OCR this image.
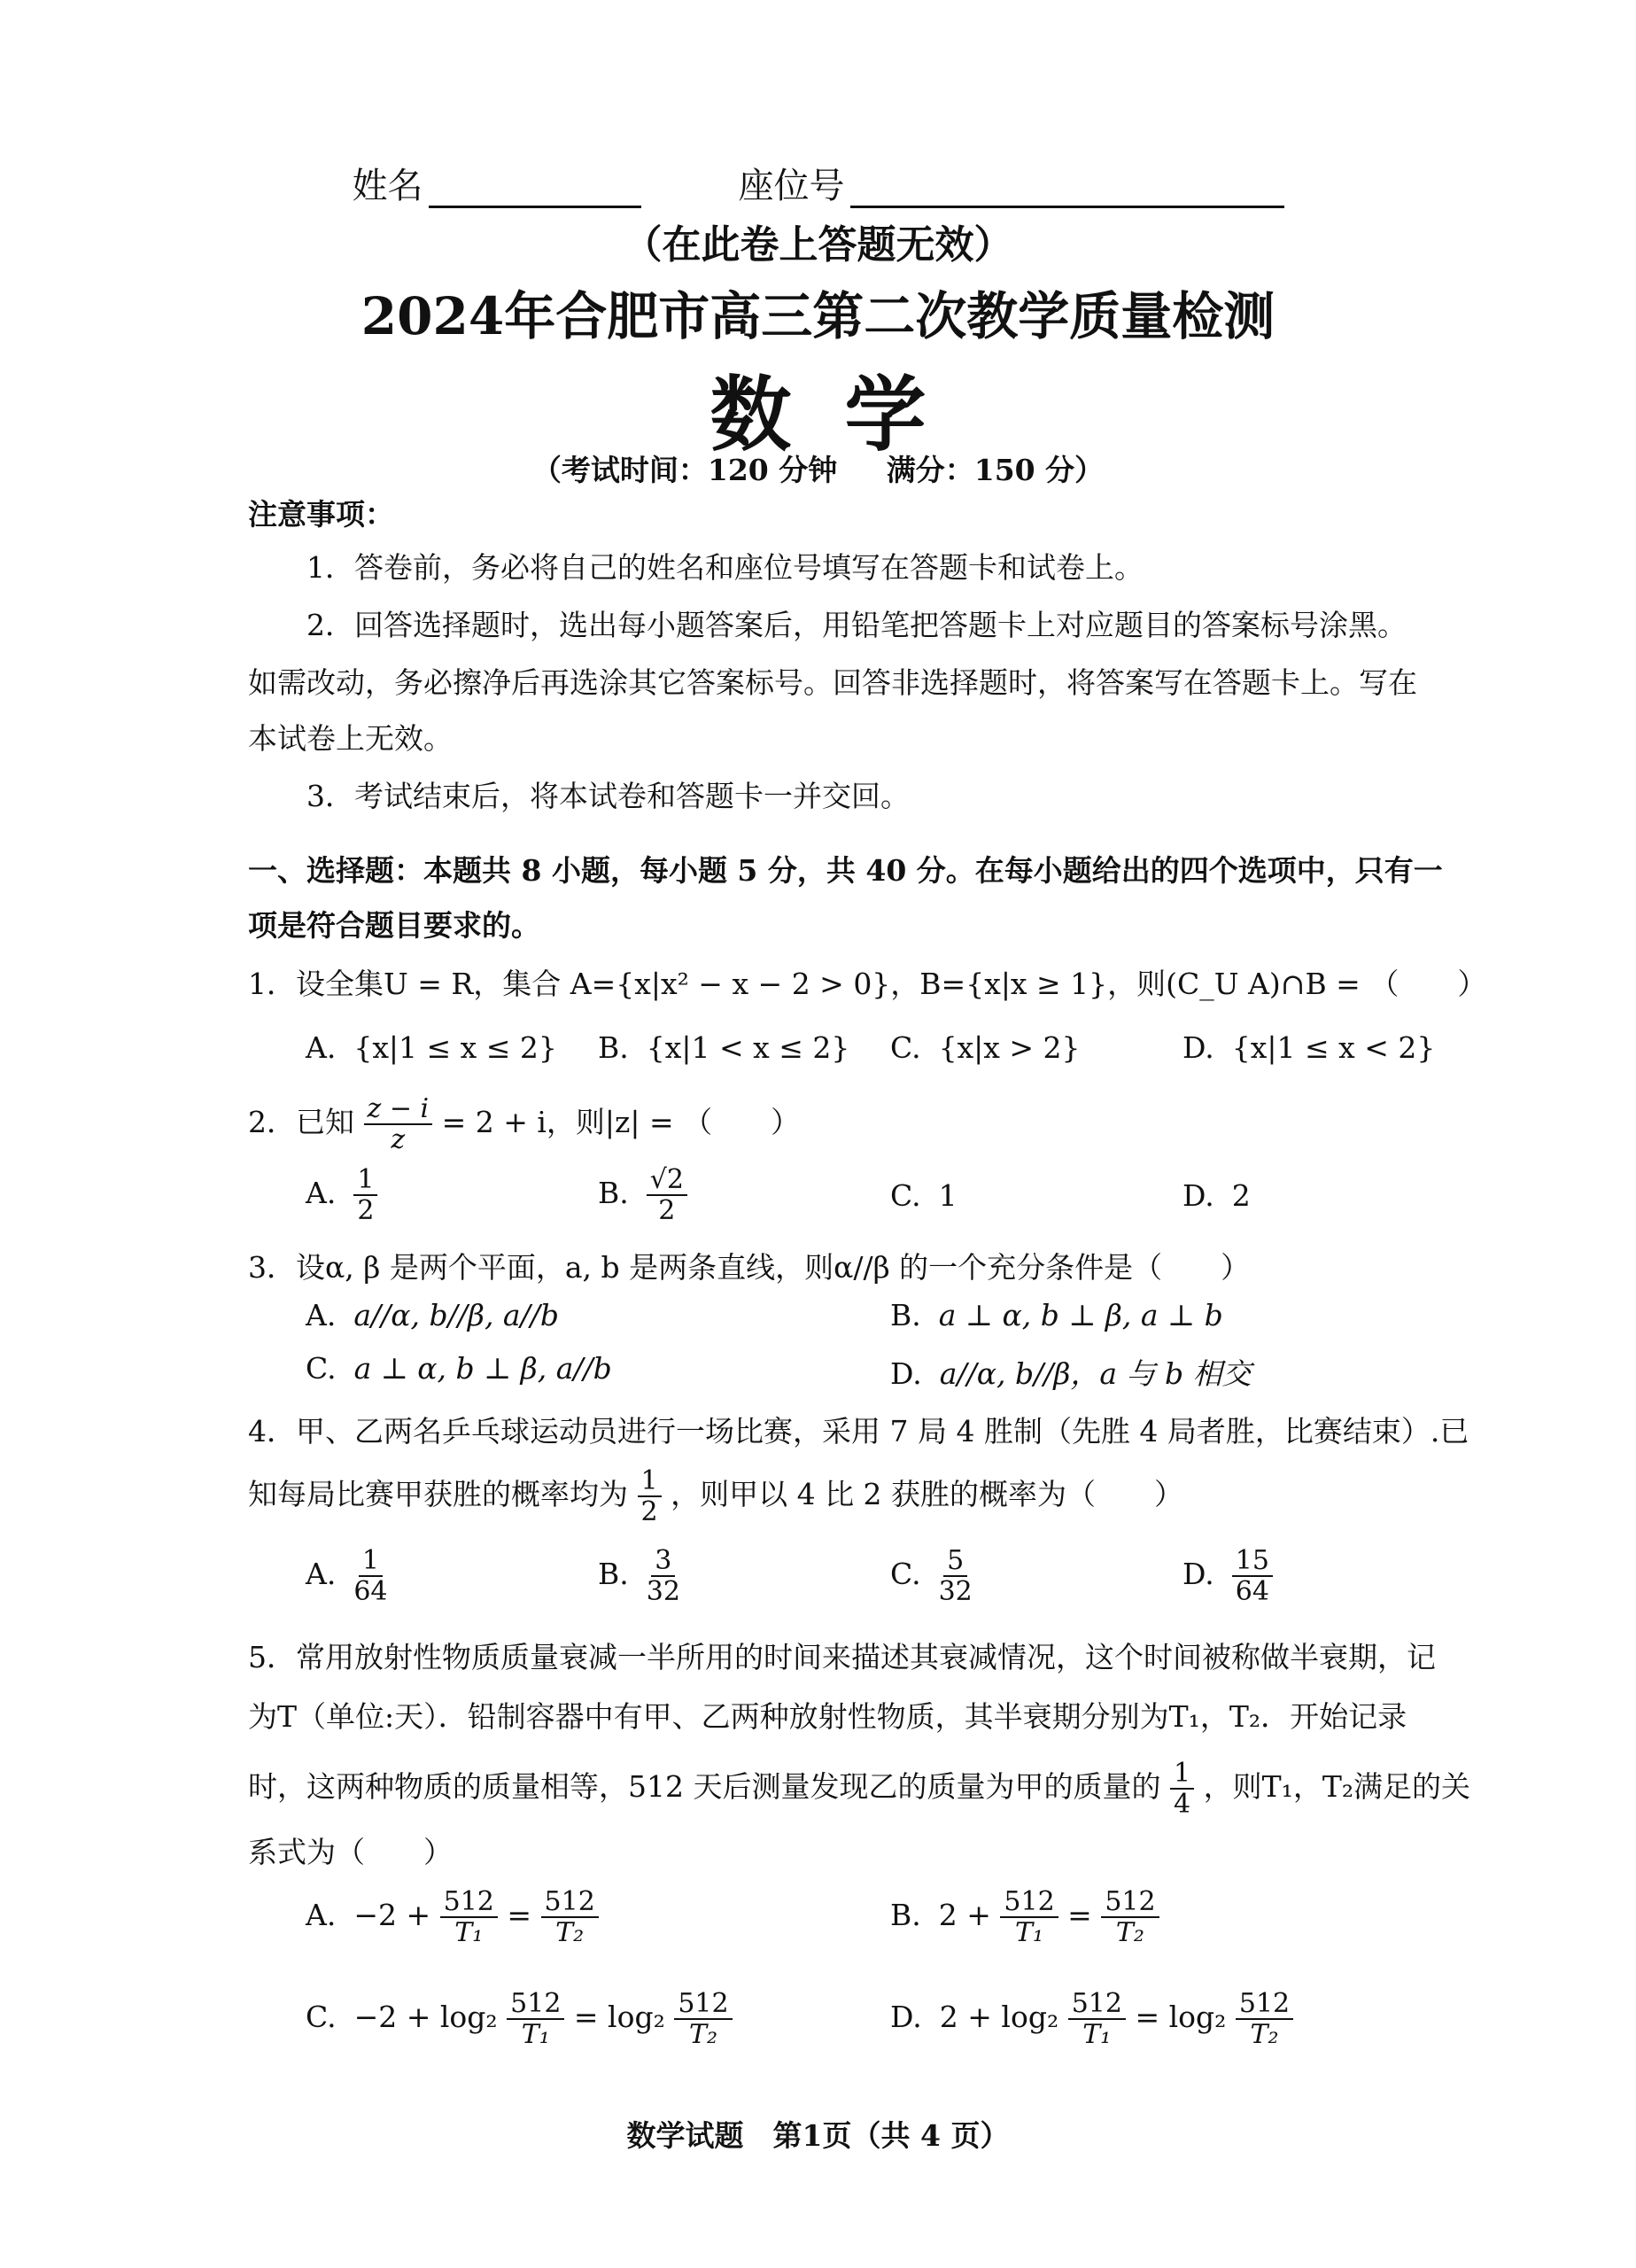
姓名	座位号
（在此卷上答题无效）
2024年合肥市高三第二次教学质量检测
数学
（考试时间：120 分钟 满分：150 分）
注意事项：
1．答卷前，务必将自己的姓名和座位号填写在答题卡和试卷上。
2．回答选择题时，选出每小题答案后，用铅笔把答题卡上对应题目的答案标号涂黑。
如需改动，务必擦净后再选涂其它答案标号。回答非选择题时，将答案写在答题卡上。写在
本试卷上无效。
3．考试结束后，将本试卷和答题卡一并交回。
一、选择题：本题共 8 小题，每小题 5 分，共 40 分。在每小题给出的四个选项中，只有一
项是符合题目要求的。
1．设全集U = R，集合 A={x|x² − x − 2 > 0}，B={x|x ≥ 1}，则(C_U A)∩B = （　　）
A. {x|1 ≤ x ≤ 2}	B. {x|1 < x ≤ 2}	C. {x|x > 2}	D. {x|1 ≤ x < 2}
2．已知 $\frac{z - i}{z} = 2 + i$，则|z| = （　　）
A. $\frac{1}{2}$	B. $\frac{√2}{2}$	C. 1	D. 2
3．设α, β 是两个平面，a, b 是两条直线，则α//β 的一个充分条件是（　　）
A. a//α, b//β, a//b	B. a ⊥ α, b ⊥ β, a ⊥ b
C. a ⊥ α, b ⊥ β, a//b	D. a//α, b//β，a 与 b 相交
4．甲、乙两名乒乓球运动员进行一场比赛，采用 7 局 4 胜制（先胜 4 局者胜，比赛结束）.已
知每局比赛甲获胜的概率均为 $\frac{1}{2}$ ，则甲以 4 比 2 获胜的概率为（　　）
A. $\frac{1}{64}$	B. $\frac{3}{32}$	C. $\frac{5}{32}$	D. $\frac{15}{64}$
5．常用放射性物质质量衰减一半所用的时间来描述其衰减情况，这个时间被称做半衰期，记
为T（单位:天）．铅制容器中有甲、乙两种放射性物质，其半衰期分别为T₁，T₂．开始记录
时，这两种物质的质量相等，512 天后测量发现乙的质量为甲的质量的 $\frac{1}{4}$ ，则T₁，T₂满足的关
系式为（　　）
A. $-2 + \frac{512}{\text{T₁}} = \frac{512}{\text{T₂}}$	B. $2 + \frac{512}{\text{T₁}} = \frac{512}{\text{T₂}}$
C. $-2 + \log_2 \frac{512}{\text{T₁}} = \log_2 \frac{512}{\text{T₂}}$	D. $2 + \log_2 \frac{512}{\text{T₁}} = \log_2 \frac{512}{\text{T₂}}$
数学试题　第1页（共 4 页）
